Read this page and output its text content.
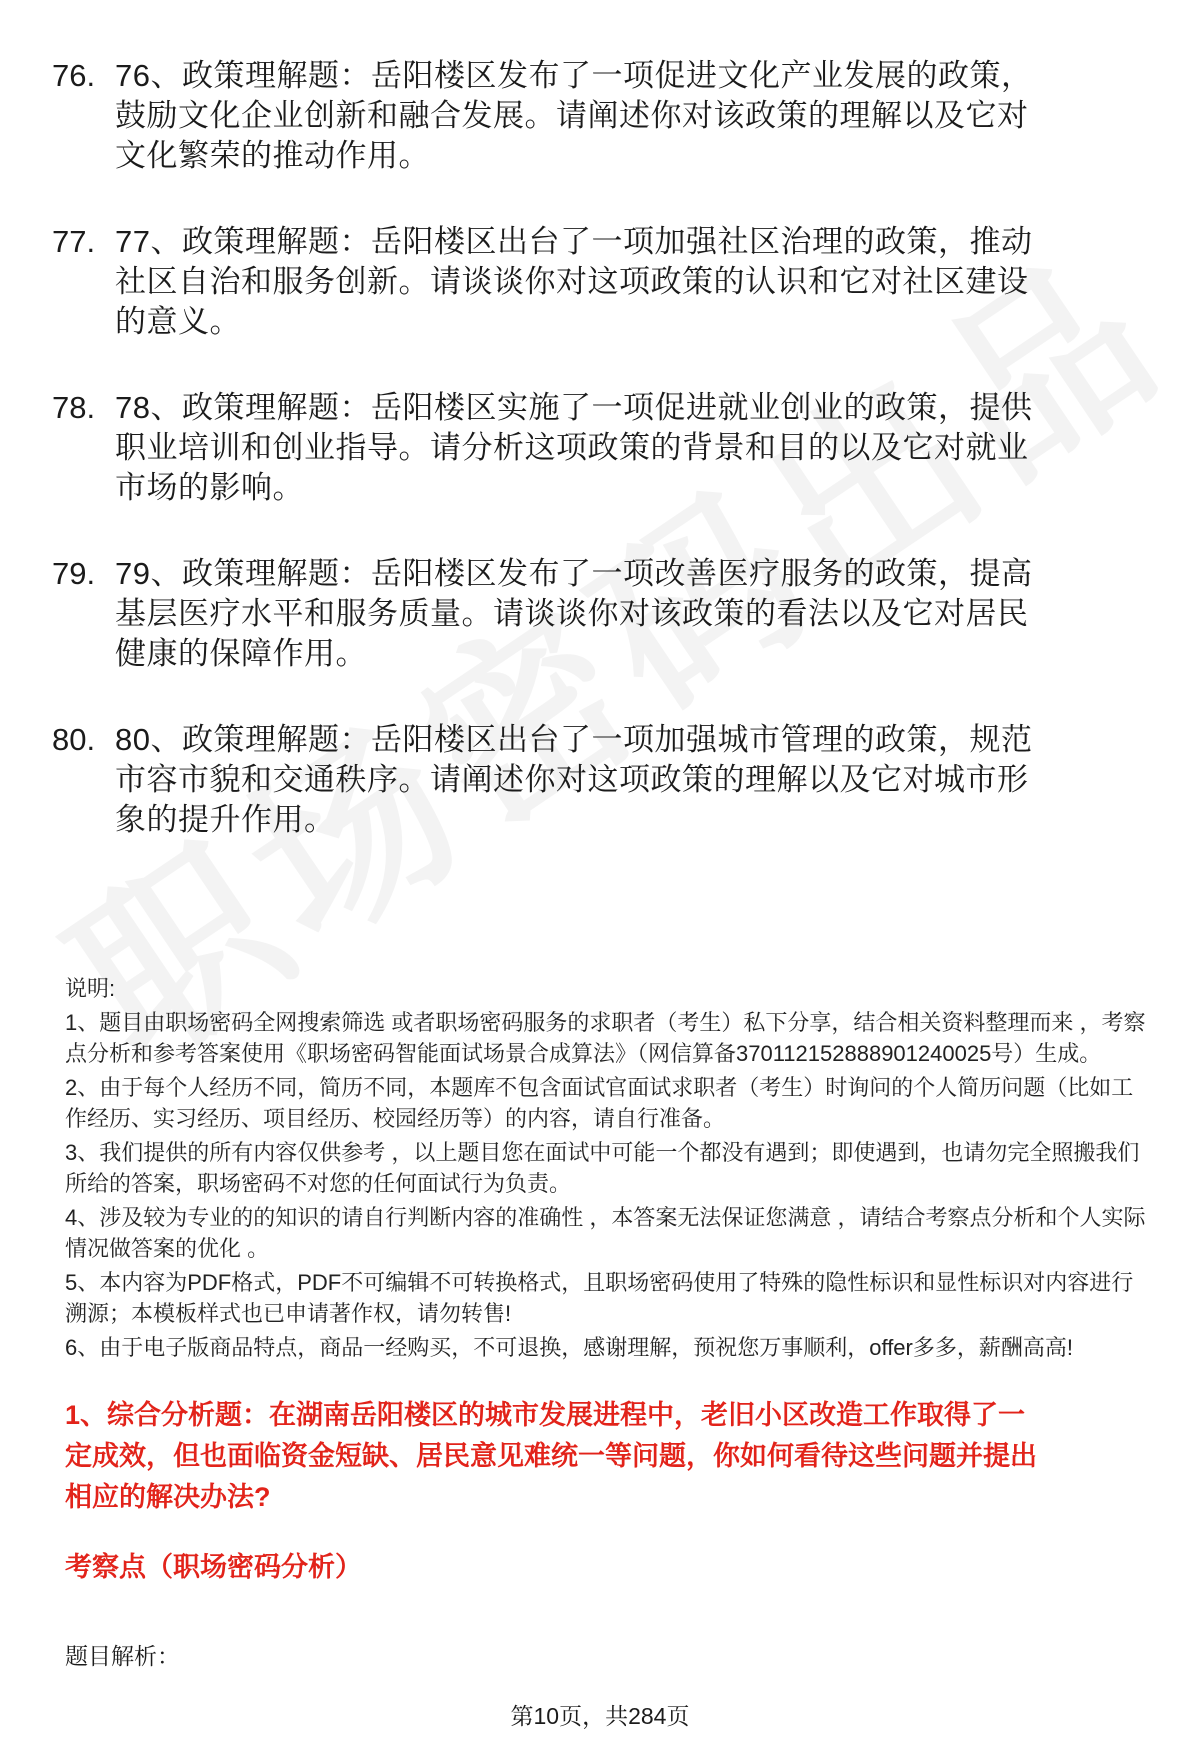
76. 76、政策理解题：岳阳楼区发布了一项促进文化产业发展的政策，鼓励文化企业创新和融合发展。请阐述你对该政策的理解以及它对文化繁荣的推动作用。

77. 77、政策理解题：岳阳楼区出台了一项加强社区治理的政策，推动社区自治和服务创新。请谈谈你对这项政策的认识和它对社区建设的意义。

78. 78、政策理解题：岳阳楼区实施了一项促进就业创业的政策，提供职业培训和创业指导。请分析这项政策的背景和目的以及它对就业市场的影响。

79. 79、政策理解题：岳阳楼区发布了一项改善医疗服务的政策，提高基层医疗水平和服务质量。请谈谈你对该政策的看法以及它对居民健康的保障作用。

80. 80、政策理解题：岳阳楼区出台了一项加强城市管理的政策，规范市容市貌和交通秩序。请阐述你对这项政策的理解以及它对城市形象的提升作用。

说明:

1、题目由职场密码全网搜索筛选 或者职场密码服务的求职者（考生）私下分享，结合相关资料整理而来 ，考察点分析和参考答案使用《职场密码智能面试场景合成算法》（网信算备370112152888901240025号）生成。

2、由于每个人经历不同，简历不同，本题库不包含面试官面试求职者（考生）时询问的个人简历问题（比如工作经历、实习经历、项目经历、校园经历等）的内容，请自行准备。

3、我们提供的所有内容仅供参考 ，以上题目您在面试中可能一个都没有遇到；即使遇到，也请勿完全照搬我们所给的答案，职场密码不对您的任何面试行为负责。

4、涉及较为专业的的知识的请自行判断内容的准确性 ，本答案无法保证您满意 ，请结合考察点分析和个人实际情况做答案的优化 。

5、本内容为PDF格式，PDF不可编辑不可转换格式，且职场密码使用了特殊的隐性标识和显性标识对内容进行溯源；本模板样式也已申请著作权，请勿转售!

6、由于电子版商品特点，商品一经购买，不可退换，感谢理解，预祝您万事顺利，offer多多，薪酬高高!

1、综合分析题：在湖南岳阳楼区的城市发展进程中，老旧小区改造工作取得了一定成效，但也面临资金短缺、居民意见难统一等问题，你如何看待这些问题并提出相应的解决办法?

考察点（职场密码分析）

题目解析：

第10页，共284页
